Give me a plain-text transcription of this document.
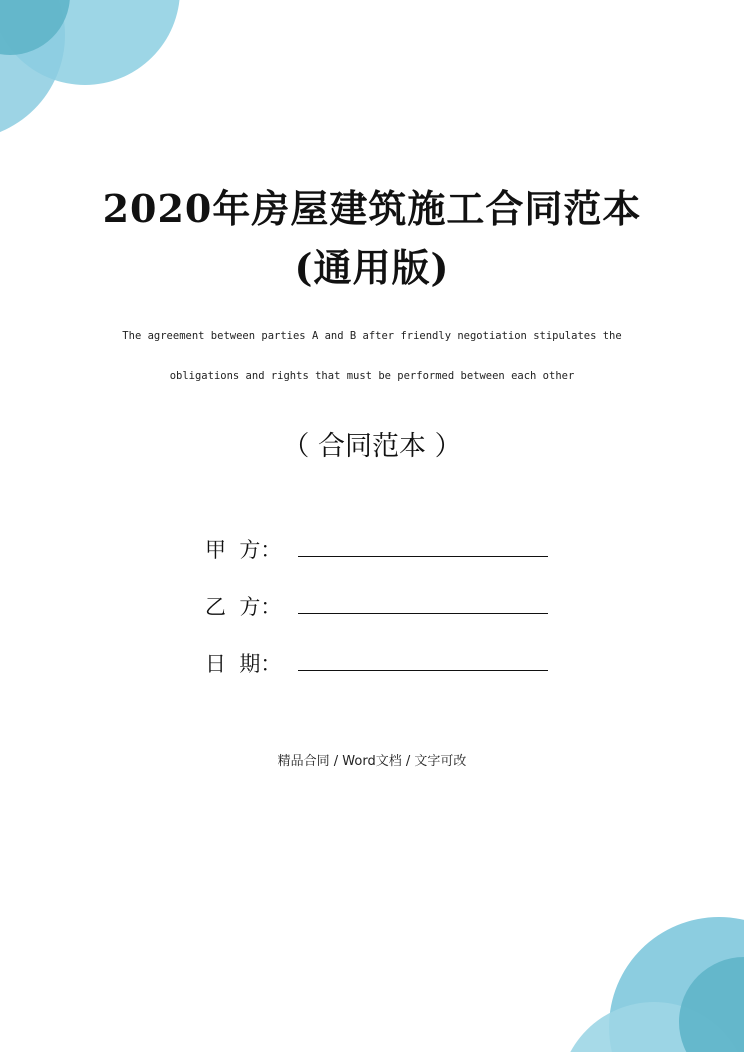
2020年房屋建筑施工合同范本
(通用版)
The agreement between parties A and B after friendly negotiation stipulates the
obligations and rights that must be performed between each other
（ 合同范本 ）
甲  方：
乙  方：
日  期：
精品合同 / Word文档 / 文字可改
